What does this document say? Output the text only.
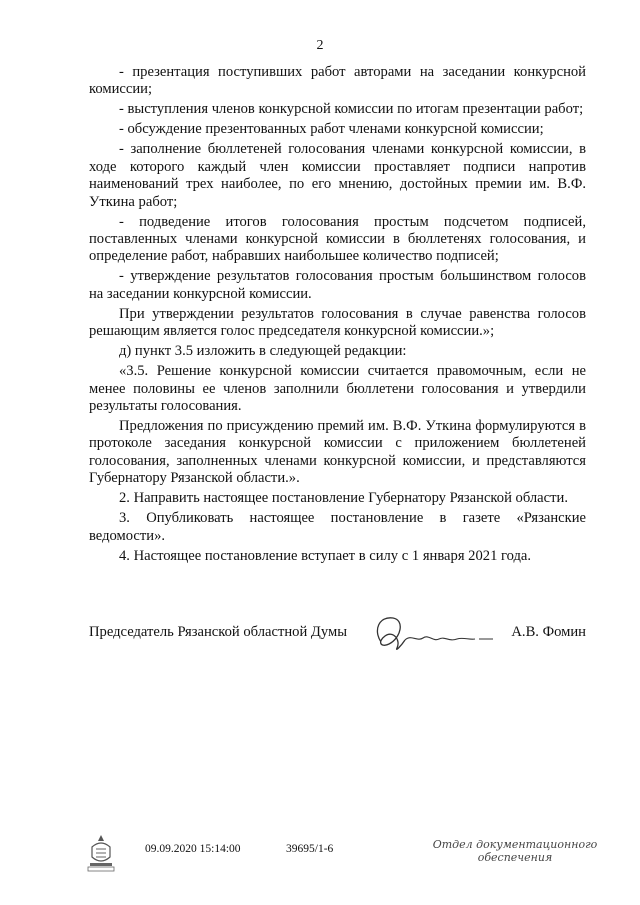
2

- презентация поступивших работ авторами на заседании конкурсной комиссии;

- выступления членов конкурсной комиссии по итогам презентации работ;

- обсуждение презентованных работ членами конкурсной комиссии;

- заполнение бюллетеней голосования членами конкурсной комиссии, в ходе которого каждый член комиссии проставляет подписи напротив наименований трех наиболее, по его мнению, достойных премии им. В.Ф. Уткина работ;

- подведение итогов голосования простым подсчетом подписей, поставленных членами конкурсной комиссии в бюллетенях голосования, и определение работ, набравших наибольшее количество подписей;

- утверждение результатов голосования простым большинством голосов на заседании конкурсной комиссии.

При утверждении результатов голосования в случае равенства голосов решающим является голос председателя конкурсной комиссии.»;

д) пункт 3.5 изложить в следующей редакции:

«3.5. Решение конкурсной комиссии считается правомочным, если не менее половины ее членов заполнили бюллетени голосования и утвердили результаты голосования.

Предложения по присуждению премий им. В.Ф. Уткина формулируются в протоколе заседания конкурсной комиссии с приложением бюллетеней голосования, заполненных членами конкурсной комиссии, и представляются Губернатору Рязанской области.».

2. Направить настоящее постановление Губернатору Рязанской области.

3. Опубликовать настоящее постановление в газете «Рязанские ведомости».

4. Настоящее постановление вступает в силу с 1 января 2021 года.

Председатель Рязанской областной Думы	А.В. Фомин
09.09.2020 15:14:00	39695/1-6	Отдел документационного
обеспечения
